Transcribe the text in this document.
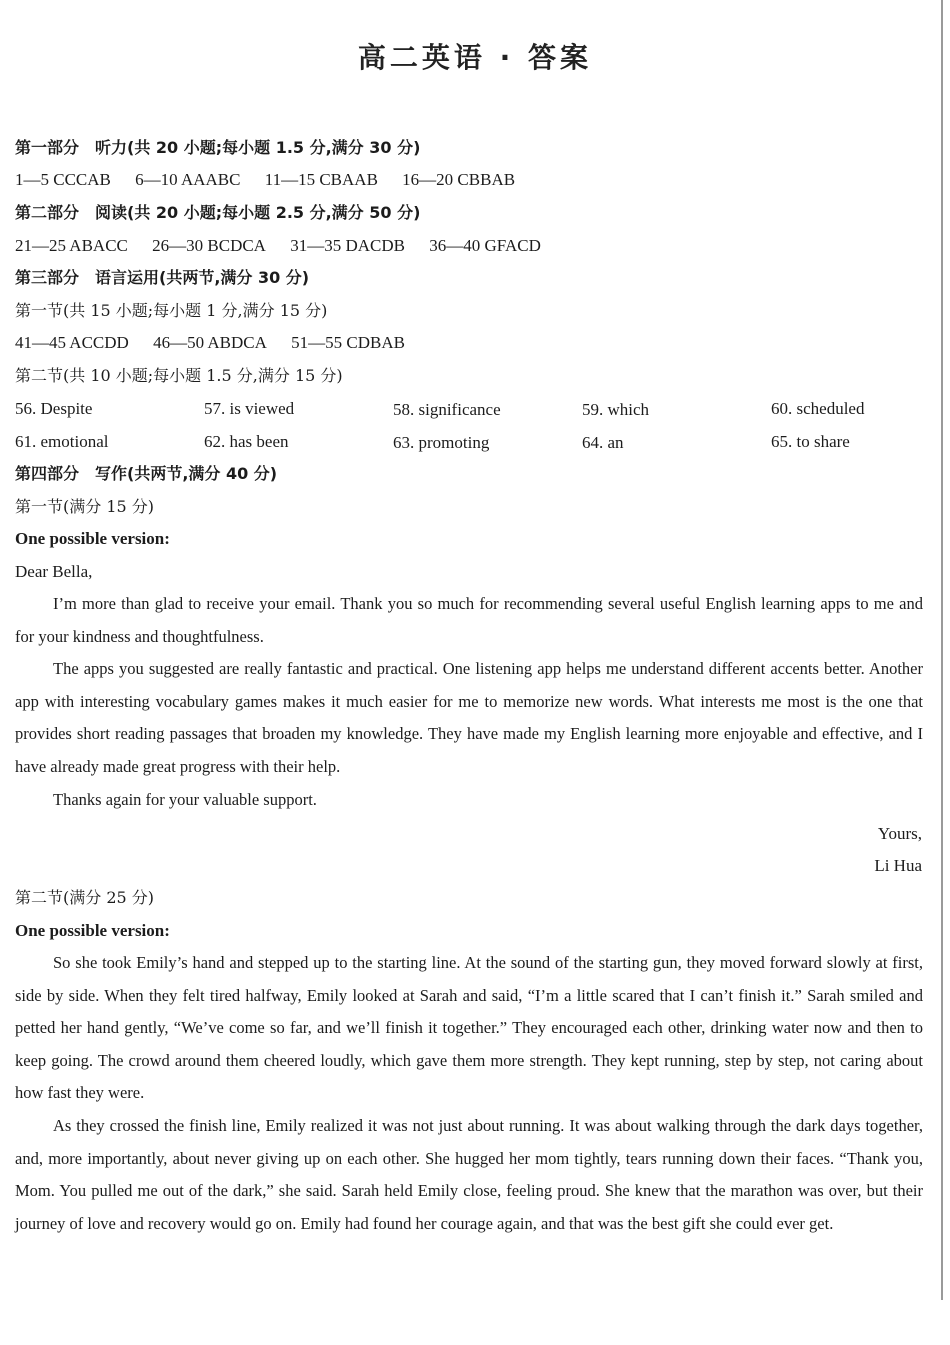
高二英语 · 答案
第一部分　听力(共 20 小题;每小题 1.5 分,满分 30 分)
1—5 CCCAB 6—10 AAABC 11—15 CBAAB 16—20 CBBAB
第二部分　阅读(共 20 小题;每小题 2.5 分,满分 50 分)
21—25 ABACC 26—30 BCDCA 31—35 DACDB 36—40 GFACD
第三部分　语言运用(共两节,满分 30 分)
第一节(共 15 小题;每小题 1 分,满分 15 分)
41—45 ACCDD 46—50 ABDCA 51—55 CDBAB
第二节(共 10 小题;每小题 1.5 分,满分 15 分)
56. Despite	57. is viewed	58. significance	59. which	60. scheduled
61. emotional	62. has been	63. promoting	64. an	65. to share
第四部分　写作(共两节,满分 40 分)
第一节(满分 15 分)
One possible version:
Dear Bella,

I’m more than glad to receive your email. Thank you so much for recommending several useful English learning apps to me and for your kindness and thoughtfulness.

The apps you suggested are really fantastic and practical. One listening app helps me understand different accents better. Another app with interesting vocabulary games makes it much easier for me to memorize new words. What interests me most is the one that provides short reading passages that broaden my knowledge. They have made my English learning more enjoyable and effective, and I have already made great progress with their help.

Thanks again for your valuable support.

Yours,
Li Hua
第二节(满分 25 分)
One possible version:

So she took Emily’s hand and stepped up to the starting line. At the sound of the starting gun, they moved forward slowly at first, side by side. When they felt tired halfway, Emily looked at Sarah and said, “I’m a little scared that I can’t finish it.” Sarah smiled and petted her hand gently, “We’ve come so far, and we’ll finish it together.” They encouraged each other, drinking water now and then to keep going. The crowd around them cheered loudly, which gave them more strength. They kept running, step by step, not caring about how fast they were.

As they crossed the finish line, Emily realized it was not just about running. It was about walking through the dark days together, and, more importantly, about never giving up on each other. She hugged her mom tightly, tears running down their faces. “Thank you, Mom. You pulled me out of the dark,” she said. Sarah held Emily close, feeling proud. She knew that the marathon was over, but their journey of love and recovery would go on. Emily had found her courage again, and that was the best gift she could ever get.
